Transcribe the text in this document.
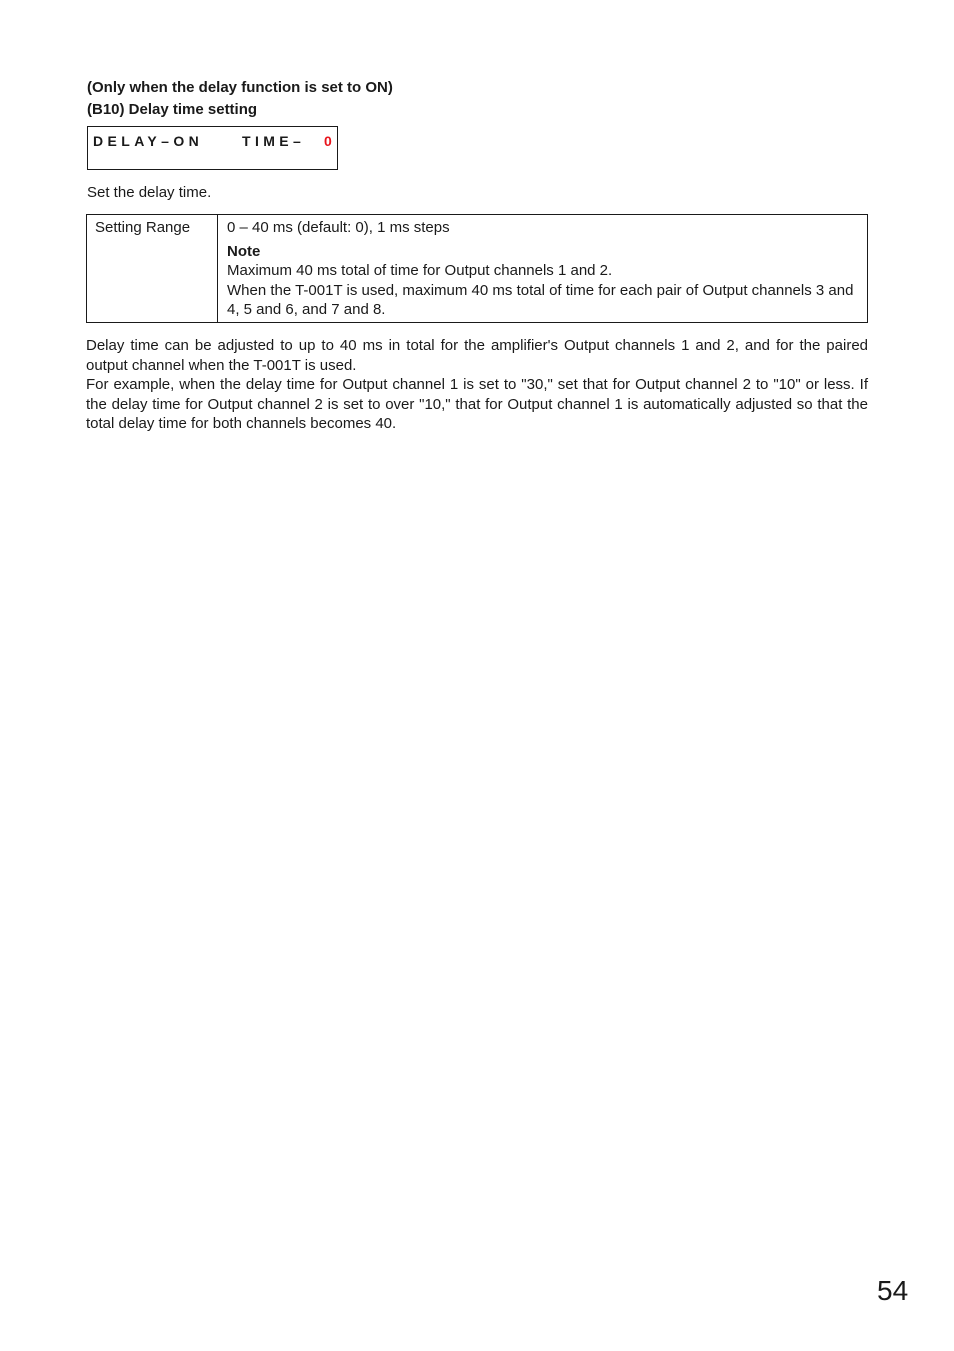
(Only when the delay function is set to ON)
(B10) Delay time setting
DELAY–ON	TIME– 0
Set the delay time.
Setting Range	0 – 40 ms (default: 0), 1 ms steps
Note
Maximum 40 ms total of time for Output channels 1 and 2.
When the T-001T is used, maximum 40 ms total of time for each pair of Output channels 3 and 4, 5 and 6, and 7 and 8.

Delay time can be adjusted to up to 40 ms in total for the amplifier's Output channels 1 and 2, and for the paired output channel when the T-001T is used.

For example, when the delay time for Output channel 1 is set to "30," set that for Output channel 2 to "10" or less. If the delay time for Output channel 2 is set to over "10," that for Output channel 1 is automatically adjusted so that the total delay time for both channels becomes 40.

54
